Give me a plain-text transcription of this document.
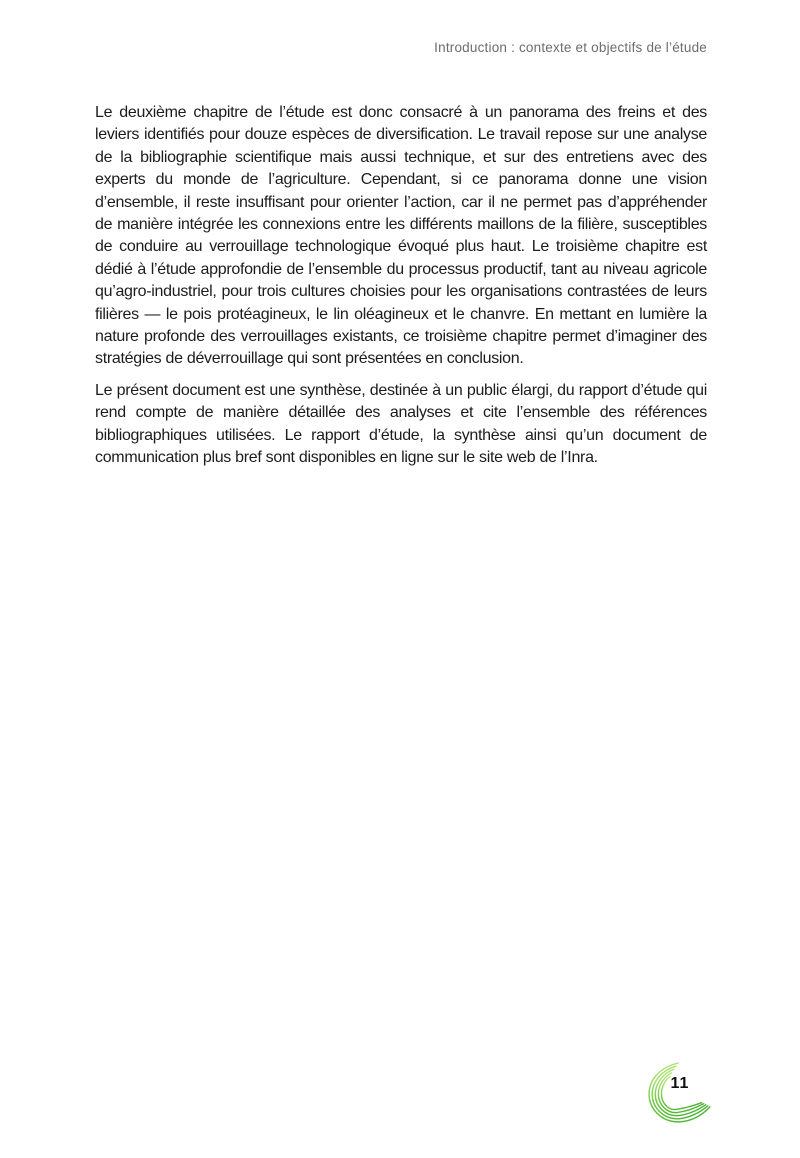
Introduction : contexte et objectifs de l’étude

Le deuxième chapitre de l’étude est donc consacré à un panorama des freins et des leviers identifiés pour douze espèces de diversification. Le travail repose sur une analyse de la bibliographie scientifique mais aussi technique, et sur des entretiens avec des experts du monde de l’agriculture. Cependant, si ce panorama donne une vision d’ensemble, il reste insuffisant pour orienter l’action, car il ne permet pas d’appréhender de manière intégrée les connexions entre les différents maillons de la filière, susceptibles de conduire au verrouillage technologique évoqué plus haut. Le troisième chapitre est dédié à l’étude approfondie de l’ensemble du processus productif, tant au niveau agricole qu’agro-industriel, pour trois cultures choisies pour les organisations contrastées de leurs filières — le pois protéagineux, le lin oléagineux et le chanvre. En mettant en lumière la nature profonde des verrouillages existants, ce troisième chapitre permet d’imaginer des stratégies de déverrouillage qui sont présentées en conclusion.

Le présent document est une synthèse, destinée à un public élargi, du rapport d’étude qui rend compte de manière détaillée des analyses et cite l’ensemble des références bibliographiques utilisées. Le rapport d’étude, la synthèse ainsi qu’un document de communication plus bref sont disponibles en ligne sur le site web de l’Inra.

11
